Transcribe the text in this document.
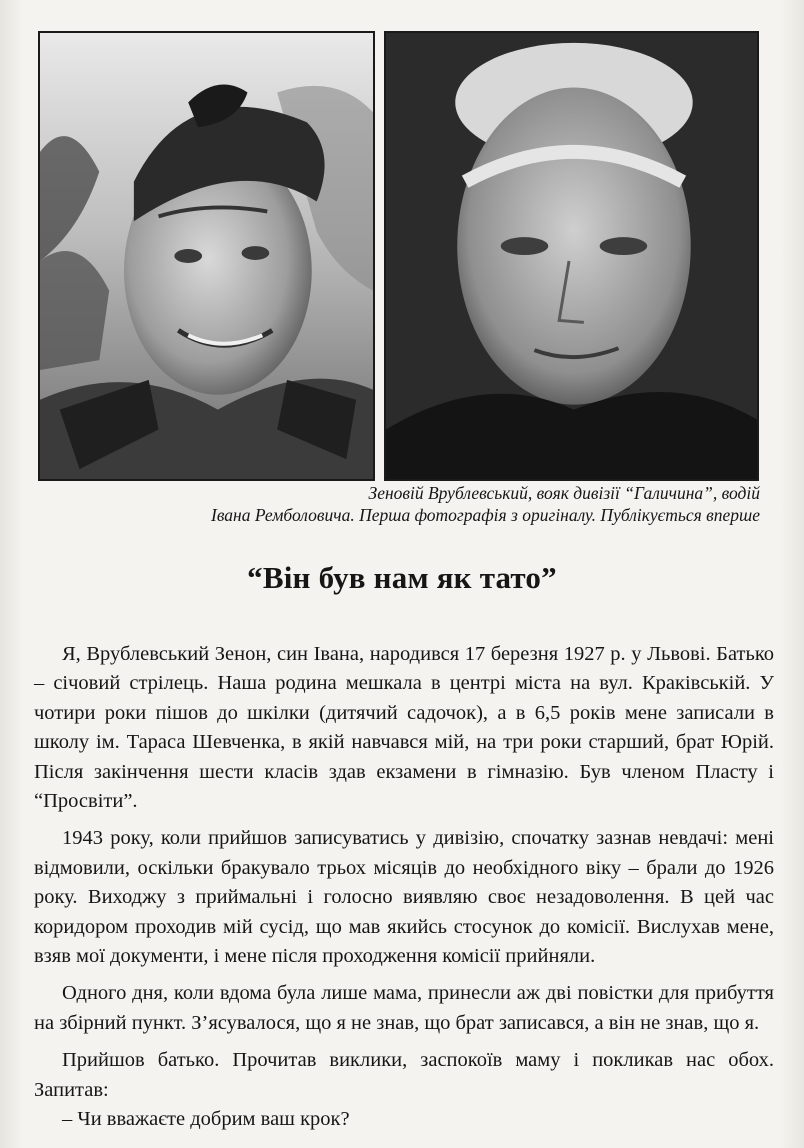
Зеновій Врублевський, вояк дивізії “Галичина”, водій
Івана Ремболовича. Перша фотографія з оригіналу. Публікується вперше
“Він був нам як тато”

Я, Врублевський Зенон, син Івана, народився 17 березня 1927 р. у Львові. Батько – січовий стрілець. Наша родина мешкала в центрі міста на вул. Краківській. У чотири роки пішов до шкілки (дитячий садочок), а в 6,5 років мене записали в школу ім. Тараса Шевченка, в якій навчався мій, на три роки старший, брат Юрій. Після закінчення шести класів здав екзамени в гімназію. Був членом Пласту і “Просвіти”.

1943 року, коли прийшов записуватись у дивізію, спочатку зазнав невдачі: мені відмовили, оскільки бракувало трьох місяців до необхідного віку – брали до 1926 року. Виходжу з приймальні і голосно виявляю своє незадоволення. В цей час коридором проходив мій сусід, що мав якийсь стосунок до комісії. Вислухав мене, взяв мої документи, і мене після проходження комісії прийняли.

Одного дня, коли вдома була лише мама, принесли аж дві повістки для прибуття на збірний пункт. З’ясувалося, що я не знав, що брат записався, а він не знав, що я.

Прийшов батько. Прочитав виклики, заспокоїв маму і покликав нас обох. Запитав:

– Чи вважаєте добрим ваш крок?
